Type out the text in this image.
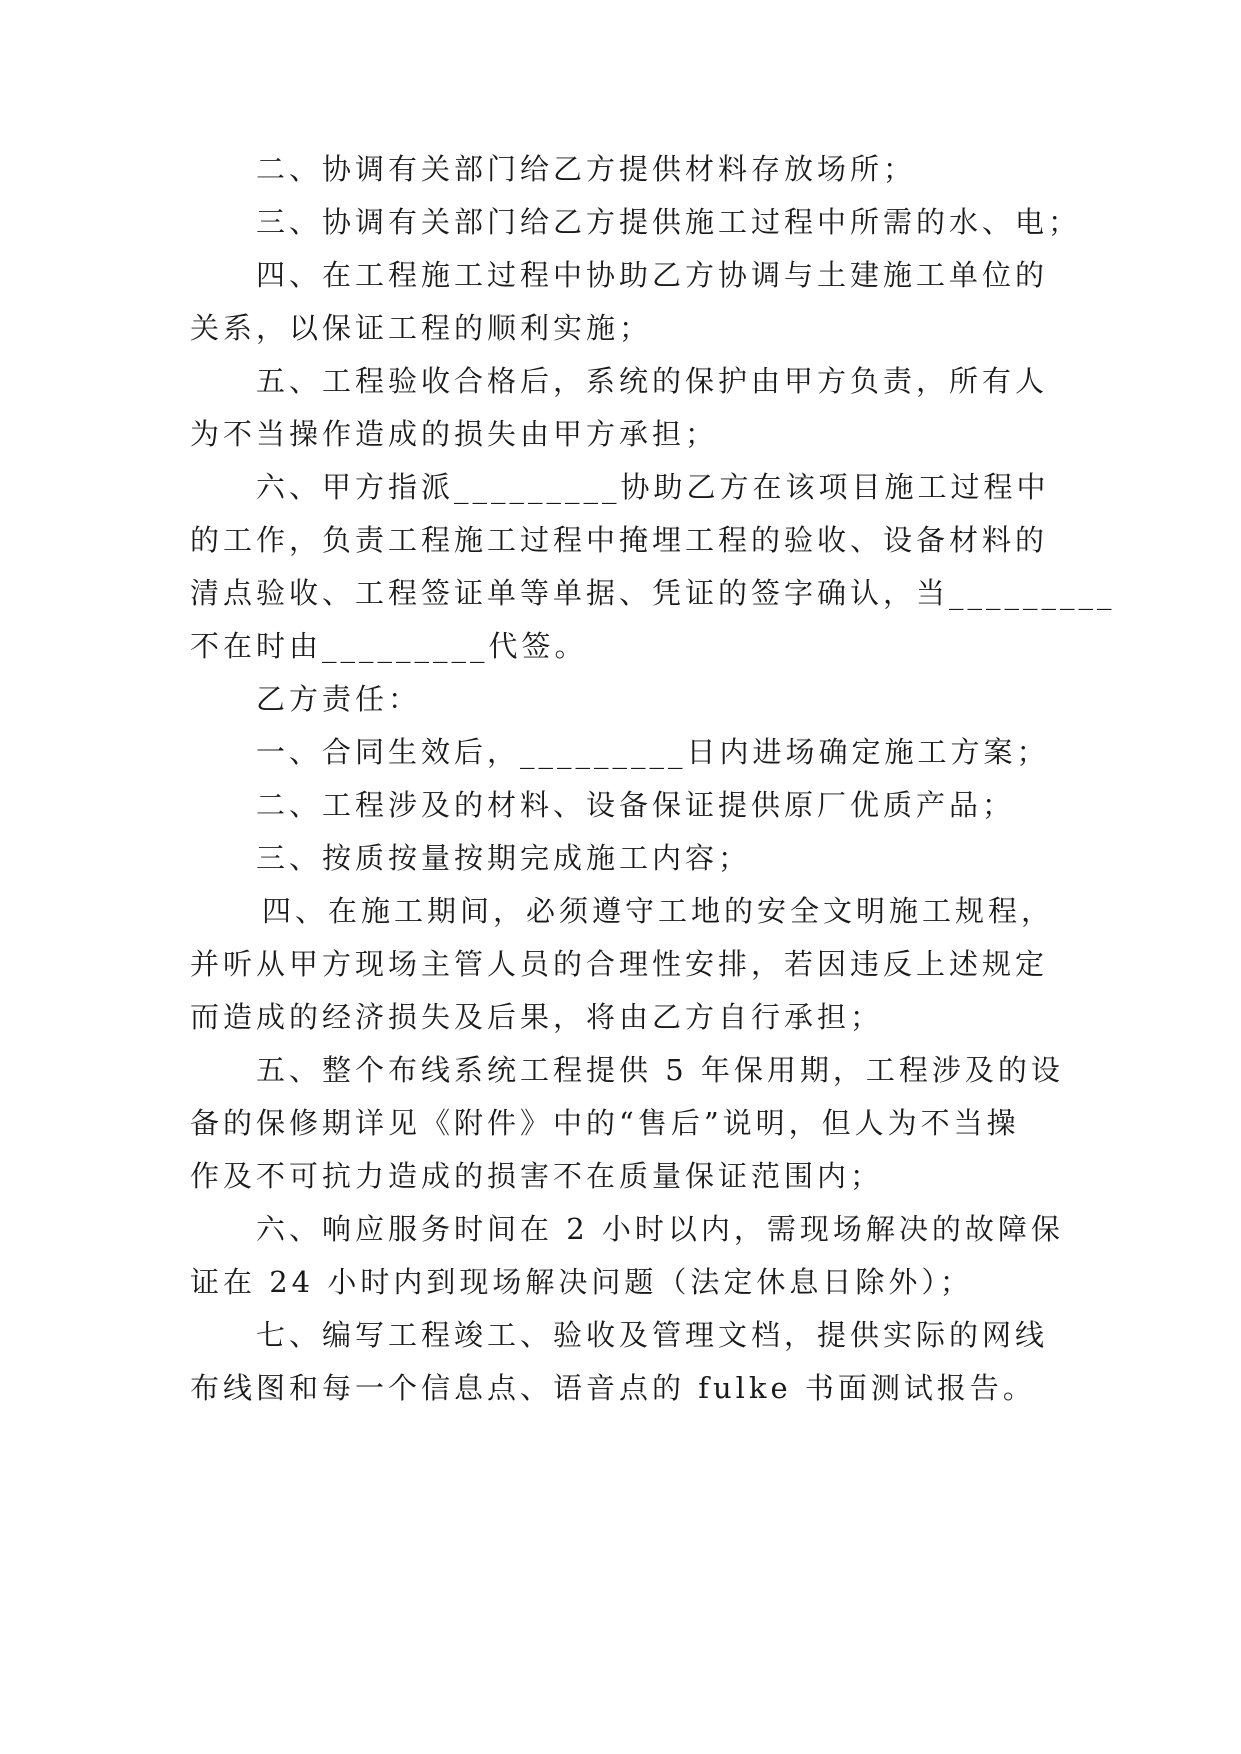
二、协调有关部门给乙方提供材料存放场所；
三、协调有关部门给乙方提供施工过程中所需的水、电；
四、在工程施工过程中协助乙方协调与土建施工单位的
关系，以保证工程的顺利实施；
五、工程验收合格后，系统的保护由甲方负责，所有人
为不当操作造成的损失由甲方承担；
六、甲方指派_________协助乙方在该项目施工过程中
的工作，负责工程施工过程中掩埋工程的验收、设备材料的
清点验收、工程签证单等单据、凭证的签字确认，当_________
不在时由_________代签。
乙方责任：
一、合同生效后，_________日内进场确定施工方案；
二、工程涉及的材料、设备保证提供原厂优质产品；
三、按质按量按期完成施工内容；
四、在施工期间，必须遵守工地的安全文明施工规程，
并听从甲方现场主管人员的合理性安排，若因违反上述规定
而造成的经济损失及后果，将由乙方自行承担；
五、整个布线系统工程提供 5 年保用期，工程涉及的设
备的保修期详见《附件》中的“售后”说明，但人为不当操
作及不可抗力造成的损害不在质量保证范围内；
六、响应服务时间在 2 小时以内，需现场解决的故障保
证在 24 小时内到现场解决问题（法定休息日除外）；
七、编写工程竣工、验收及管理文档，提供实际的网线
布线图和每一个信息点、语音点的 fulke 书面测试报告。
